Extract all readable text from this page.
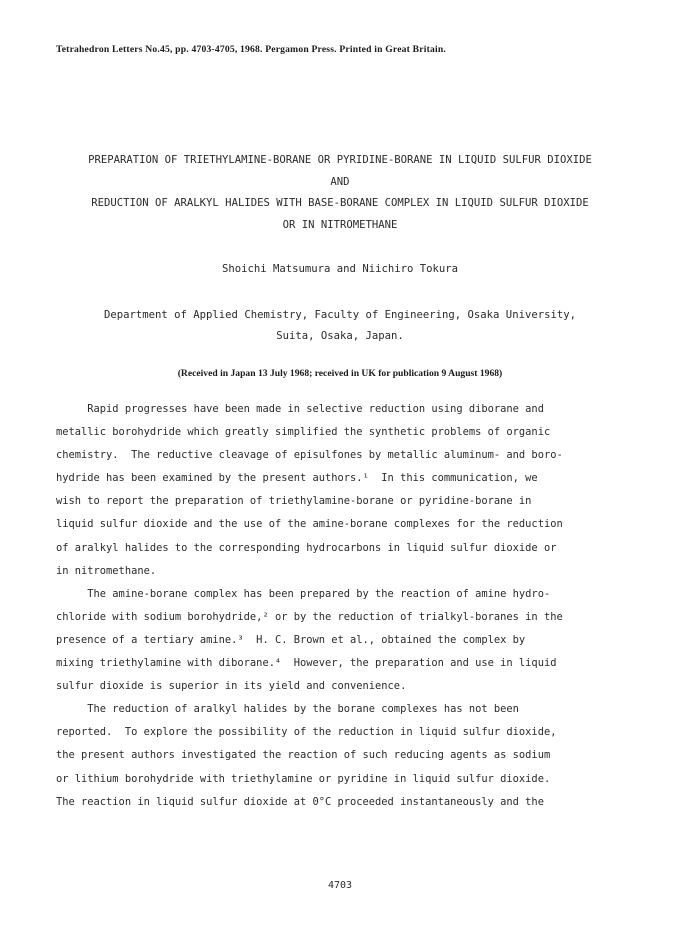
Tetrahedron Letters No.45, pp. 4703-4705, 1968. Pergamon Press. Printed in Great Britain.
PREPARATION OF TRIETHYLAMINE-BORANE OR PYRIDINE-BORANE IN LIQUID SULFUR DIOXIDE
AND
REDUCTION OF ARALKYL HALIDES WITH BASE-BORANE COMPLEX IN LIQUID SULFUR DIOXIDE
OR IN NITROMETHANE
Shoichi Matsumura and Niichiro Tokura
Department of Applied Chemistry, Faculty of Engineering, Osaka University,
Suita, Osaka, Japan.
(Received in Japan 13 July 1968; received in UK for publication 9 August 1968)

Rapid progresses have been made in selective reduction using diborane and
metallic borohydride which greatly simplified the synthetic problems of organic
chemistry.  The reductive cleavage of episulfones by metallic aluminum- and boro-
hydride has been examined by the present authors.¹  In this communication, we
wish to report the preparation of triethylamine-borane or pyridine-borane in
liquid sulfur dioxide and the use of the amine-borane complexes for the reduction
of aralkyl halides to the corresponding hydrocarbons in liquid sulfur dioxide or
in nitromethane.

The amine-borane complex has been prepared by the reaction of amine hydro-
chloride with sodium borohydride,² or by the reduction of trialkyl-boranes in the
presence of a tertiary amine.³  H. C. Brown et al., obtained the complex by
mixing triethylamine with diborane.⁴  However, the preparation and use in liquid
sulfur dioxide is superior in its yield and convenience.

The reduction of aralkyl halides by the borane complexes has not been
reported.  To explore the possibility of the reduction in liquid sulfur dioxide,
the present authors investigated the reaction of such reducing agents as sodium
or lithium borohydride with triethylamine or pyridine in liquid sulfur dioxide.
The reaction in liquid sulfur dioxide at 0°C proceeded instantaneously and the

4703
